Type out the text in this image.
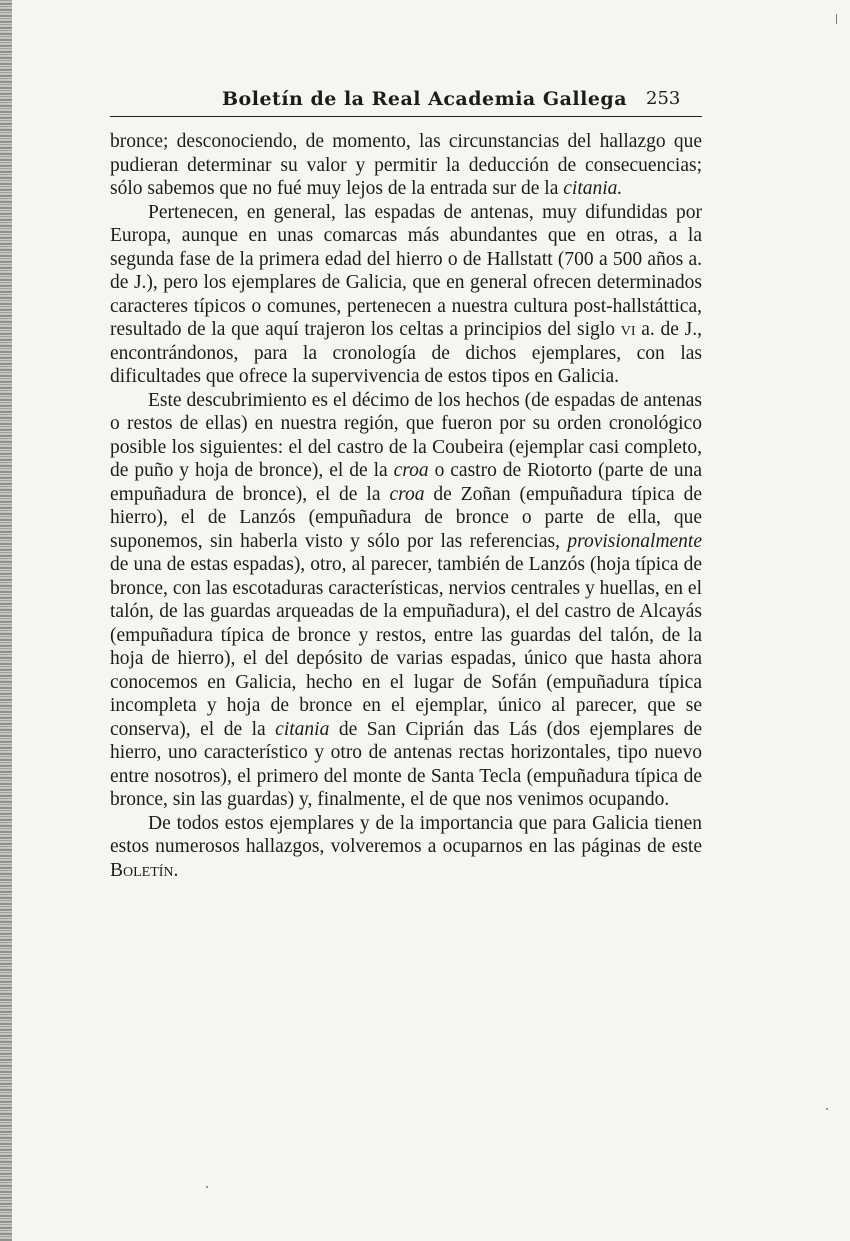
Boletín de la Real Academia Gallega 253

bronce; desconociendo, de momento, las circunstancias del hallazgo que pudieran determinar su valor y permitir la deducción de consecuencias; sólo sabemos que no fué muy lejos de la entrada sur de la citania.

Pertenecen, en general, las espadas de antenas, muy difundidas por Europa, aunque en unas comarcas más abundantes que en otras, a la segunda fase de la primera edad del hierro o de Hallstatt (700 a 500 años a. de J.), pero los ejemplares de Galicia, que en general ofrecen determinados caracteres típicos o comunes, pertenecen a nuestra cultura post-hallstáttica, resultado de la que aquí trajeron los celtas a principios del siglo vi a. de J., encontrándonos, para la cronología de dichos ejemplares, con las dificultades que ofrece la supervivencia de estos tipos en Galicia.

Este descubrimiento es el décimo de los hechos (de espadas de antenas o restos de ellas) en nuestra región, que fueron por su orden cronológico posible los siguientes: el del castro de la Coubeira (ejemplar casi completo, de puño y hoja de bronce), el de la croa o castro de Riotorto (parte de una empuñadura de bronce), el de la croa de Zoñan (empuñadura típica de hierro), el de Lanzós (empuñadura de bronce o parte de ella, que suponemos, sin haberla visto y sólo por las referencias, provisionalmente de una de estas espadas), otro, al parecer, también de Lanzós (hoja típica de bronce, con las escotaduras características, nervios centrales y huellas, en el talón, de las guardas arqueadas de la empuñadura), el del castro de Alcayás (empuñadura típica de bronce y restos, entre las guardas del talón, de la hoja de hierro), el del depósito de varias espadas, único que hasta ahora conocemos en Galicia, hecho en el lugar de Sofán (empuñadura típica incompleta y hoja de bronce en el ejemplar, único al parecer, que se conserva), el de la citania de San Ciprián das Lás (dos ejemplares de hierro, uno característico y otro de antenas rectas horizontales, tipo nuevo entre nosotros), el primero del monte de Santa Tecla (empuñadura típica de bronce, sin las guardas) y, finalmente, el de que nos venimos ocupando.

De todos estos ejemplares y de la importancia que para Galicia tienen estos numerosos hallazgos, volveremos a ocuparnos en las páginas de este Boletín.
